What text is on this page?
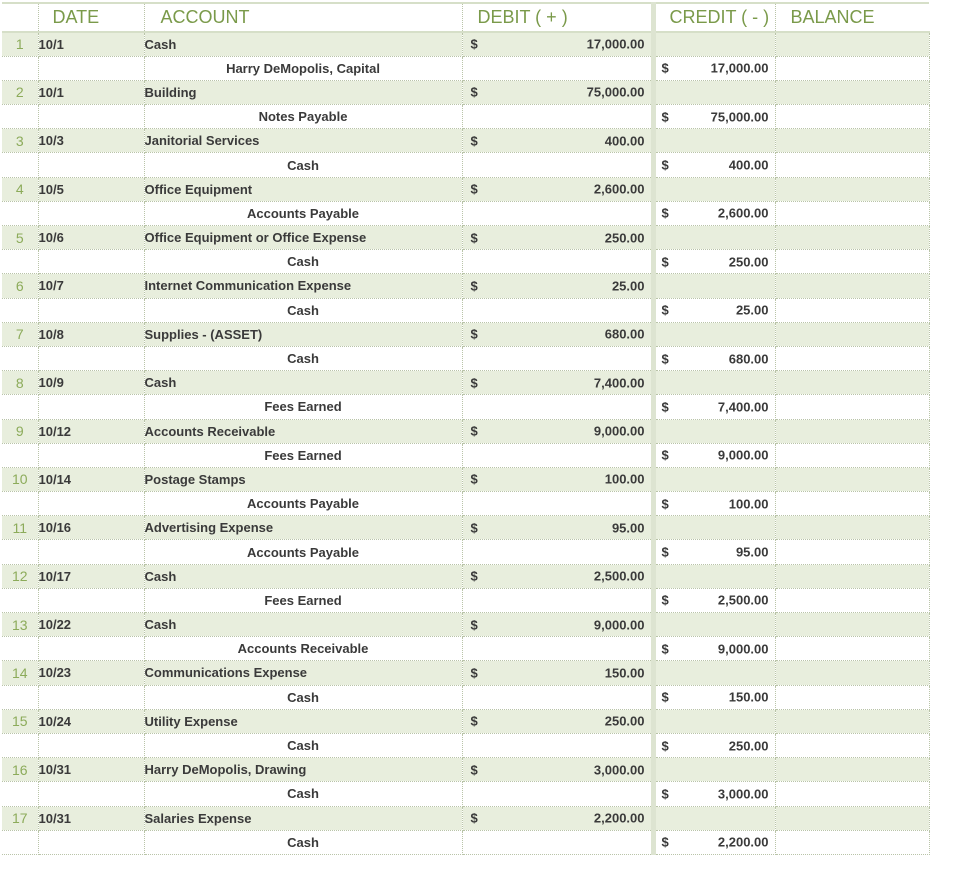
	DATE	ACCOUNT	DEBIT ( + )	CREDIT ( - )	BALANCE
1	10/1	Cash	$ 17,000.00		

		Harry DeMopolis, Capital		$ 17,000.00	

2	10/1	Building	$ 75,000.00		

		Notes Payable		$ 75,000.00	

3	10/3	Janitorial Services	$ 400.00		

		Cash		$ 400.00	

4	10/5	Office Equipment	$ 2,600.00		

		Accounts Payable		$ 2,600.00	

5	10/6	Office Equipment or Office Expense	$ 250.00		

		Cash		$ 250.00	

6	10/7	Internet Communication Expense	$ 25.00		

		Cash		$ 25.00	

7	10/8	Supplies - (ASSET)	$ 680.00		

		Cash		$ 680.00	

8	10/9	Cash	$ 7,400.00		

		Fees Earned		$ 7,400.00	

9	10/12	Accounts Receivable	$ 9,000.00		

		Fees Earned		$ 9,000.00	

10	10/14	Postage Stamps	$ 100.00		

		Accounts Payable		$ 100.00	

11	10/16	Advertising Expense	$ 95.00		

		Accounts Payable		$ 95.00	

12	10/17	Cash	$ 2,500.00		

		Fees Earned		$ 2,500.00	

13	10/22	Cash	$ 9,000.00		

		Accounts Receivable		$ 9,000.00	

14	10/23	Communications Expense	$ 150.00		

		Cash		$ 150.00	

15	10/24	Utility Expense	$ 250.00		

		Cash		$ 250.00	

16	10/31	Harry DeMopolis, Drawing	$ 3,000.00		

		Cash		$ 3,000.00	

17	10/31	Salaries Expense	$ 2,200.00		

		Cash		$ 2,200.00	
